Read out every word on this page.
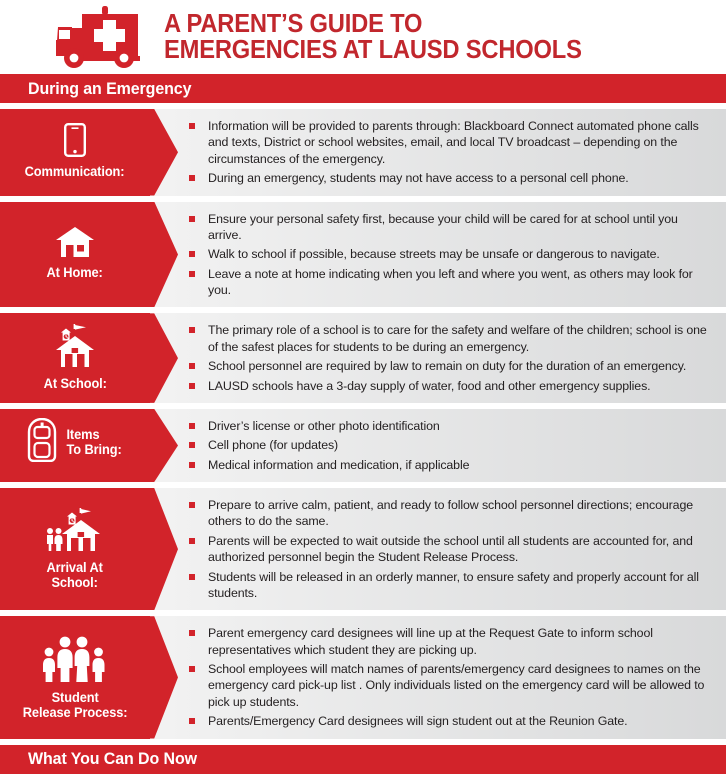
A PARENT’S GUIDE TO
EMERGENCIES AT LAUSD SCHOOLS
During an Emergency
Communication:
Information will be provided to parents through: Blackboard Connect automated phone calls and texts, District or school websites, email, and local TV broadcast – depending on the circumstances of the emergency.
During an emergency, students may not have access to a personal cell phone.
At Home:
Ensure your personal safety first, because your child will be cared for at school until you arrive.
Walk to school if possible, because streets may be unsafe or dangerous to navigate.
Leave a note at home indicating when you left and where you went, as others may look for you.
At School:
The primary role of a school is to care for the safety and welfare of the children; school is one of the safest places for students to be during an emergency.
School personnel are required by law to remain on duty for the duration of an emergency.
LAUSD schools have a 3-day supply of water, food and other emergency supplies.
Items
To Bring:
Driver’s license or other photo identification
Cell phone (for updates)
Medical information and medication, if applicable
Arrival At
School:
Prepare to arrive calm, patient, and ready to follow school personnel directions; encourage others to do the same.
Parents will be expected to wait outside the school until all students are accounted for, and authorized personnel begin the Student Release Process.
Students will be released in an orderly manner, to ensure safety and properly account for all students.
Student
Release Process:
Parent emergency card designees will line up at the Request Gate to inform school representatives which student they are picking up.
School employees will match names of parents/emergency card designees to names on the emergency card pick-up list . Only individuals listed on the emergency card will be allowed to pick up students.
Parents/Emergency Card designees will sign student out at the Reunion Gate.
What You Can Do Now
